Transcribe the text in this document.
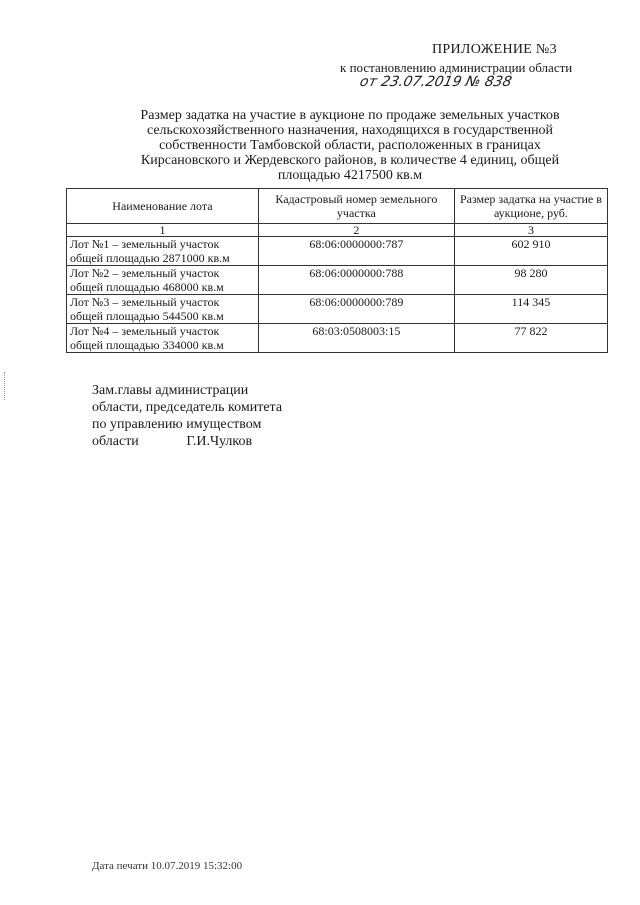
ПРИЛОЖЕНИЕ №3
к постановлению администрации области
от 23.07.2019 № 838
Размер задатка на участие в аукционе по продаже земельных участков
сельскохозяйственного назначения, находящихся в государственной
собственности Тамбовской области, расположенных в границах
Кирсановского и Жердевского районов, в количестве 4 единиц, общей
площадью 4217500 кв.м
Наименование лота	Кадастровый номер земельного участка	Размер задатка на участие в аукционе, руб.
1	2	3

Лот №1 – земельный участок
общей площадью 2871000 кв.м	68:06:0000000:787	602 910

Лот №2 – земельный участок
общей площадью 468000 кв.м	68:06:0000000:788	98 280

Лот №3 – земельный участок
общей площадью 544500 кв.м	68:06:0000000:789	114 345

Лот №4 – земельный участок
общей площадью 334000 кв.м	68:03:0508003:15	77 822
Зам.главы администрации
области, председатель комитета
по управлению имуществом
области	Г.И.Чулков
Дата печати 10.07.2019 15:32:00
